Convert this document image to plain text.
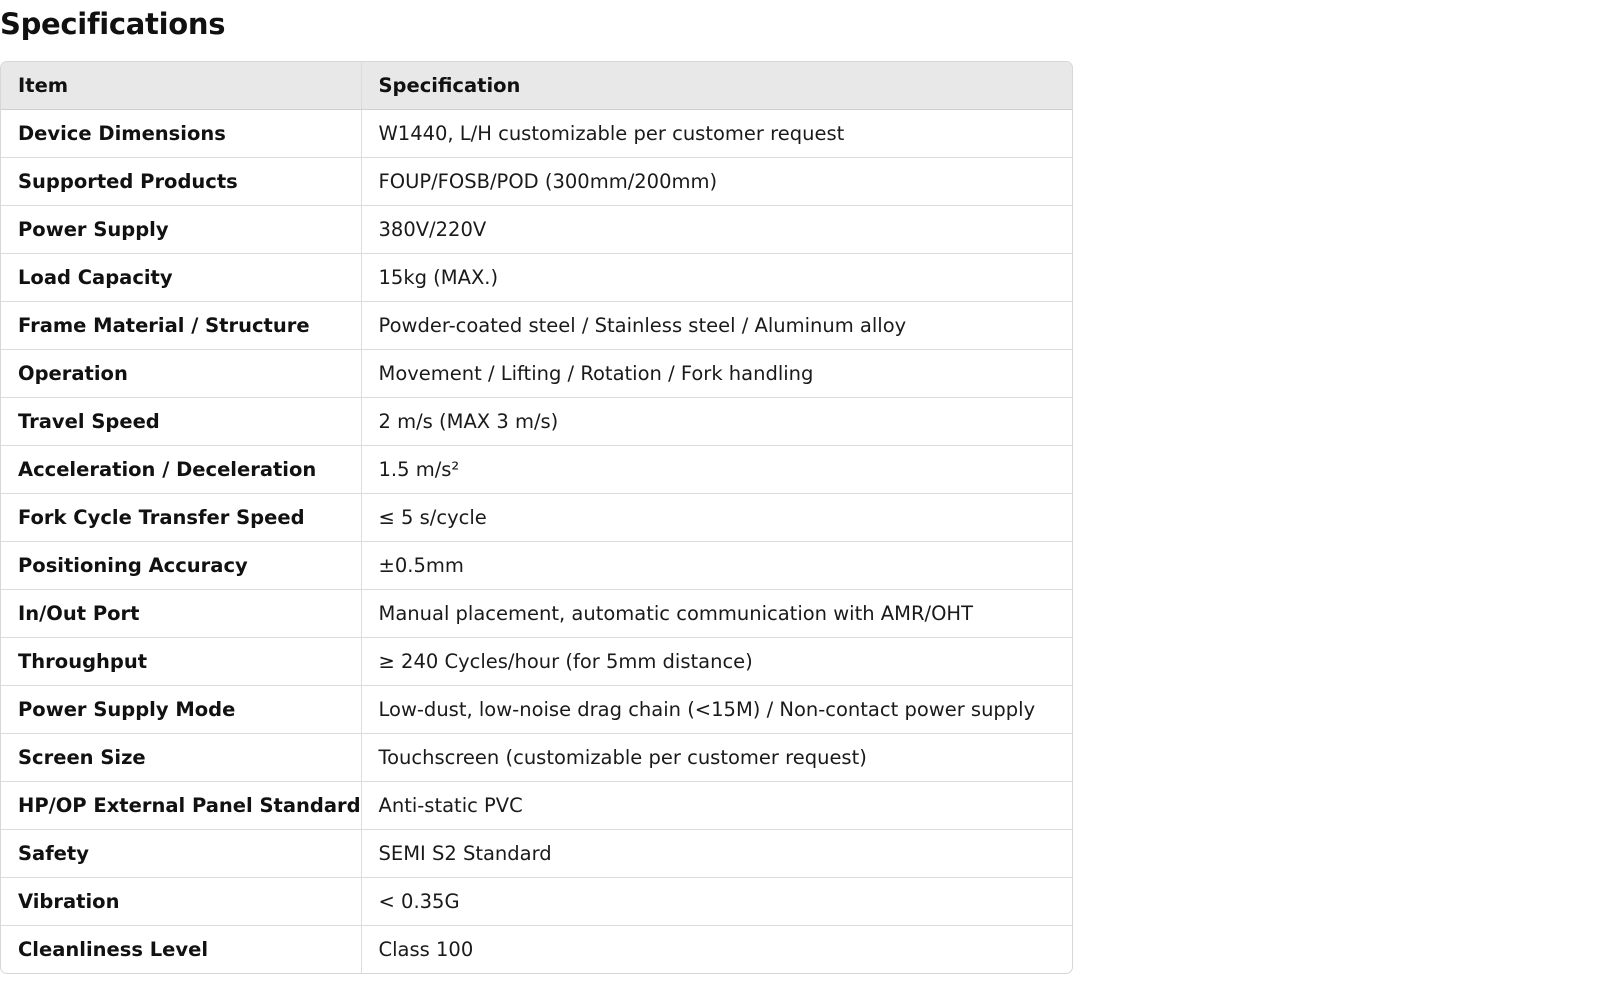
Specifications
Item	Specification
Device Dimensions	W1440, L/H customizable per customer request
Supported Products	FOUP/FOSB/POD (300mm/200mm)
Power Supply	380V/220V
Load Capacity	15kg (MAX.)
Frame Material / Structure	Powder-coated steel / Stainless steel / Aluminum alloy
Operation	Movement / Lifting / Rotation / Fork handling
Travel Speed	2 m/s (MAX 3 m/s)
Acceleration / Deceleration	1.5 m/s²
Fork Cycle Transfer Speed	≤ 5 s/cycle
Positioning Accuracy	±0.5mm
In/Out Port	Manual placement, automatic communication with AMR/OHT
Throughput	≥ 240 Cycles/hour (for 5mm distance)
Power Supply Mode	Low-dust, low-noise drag chain (<15M) / Non-contact power supply
Screen Size	Touchscreen (customizable per customer request)
HP/OP External Panel Standard	Anti-static PVC
Safety	SEMI S2 Standard
Vibration	< 0.35G
Cleanliness Level	Class 100
